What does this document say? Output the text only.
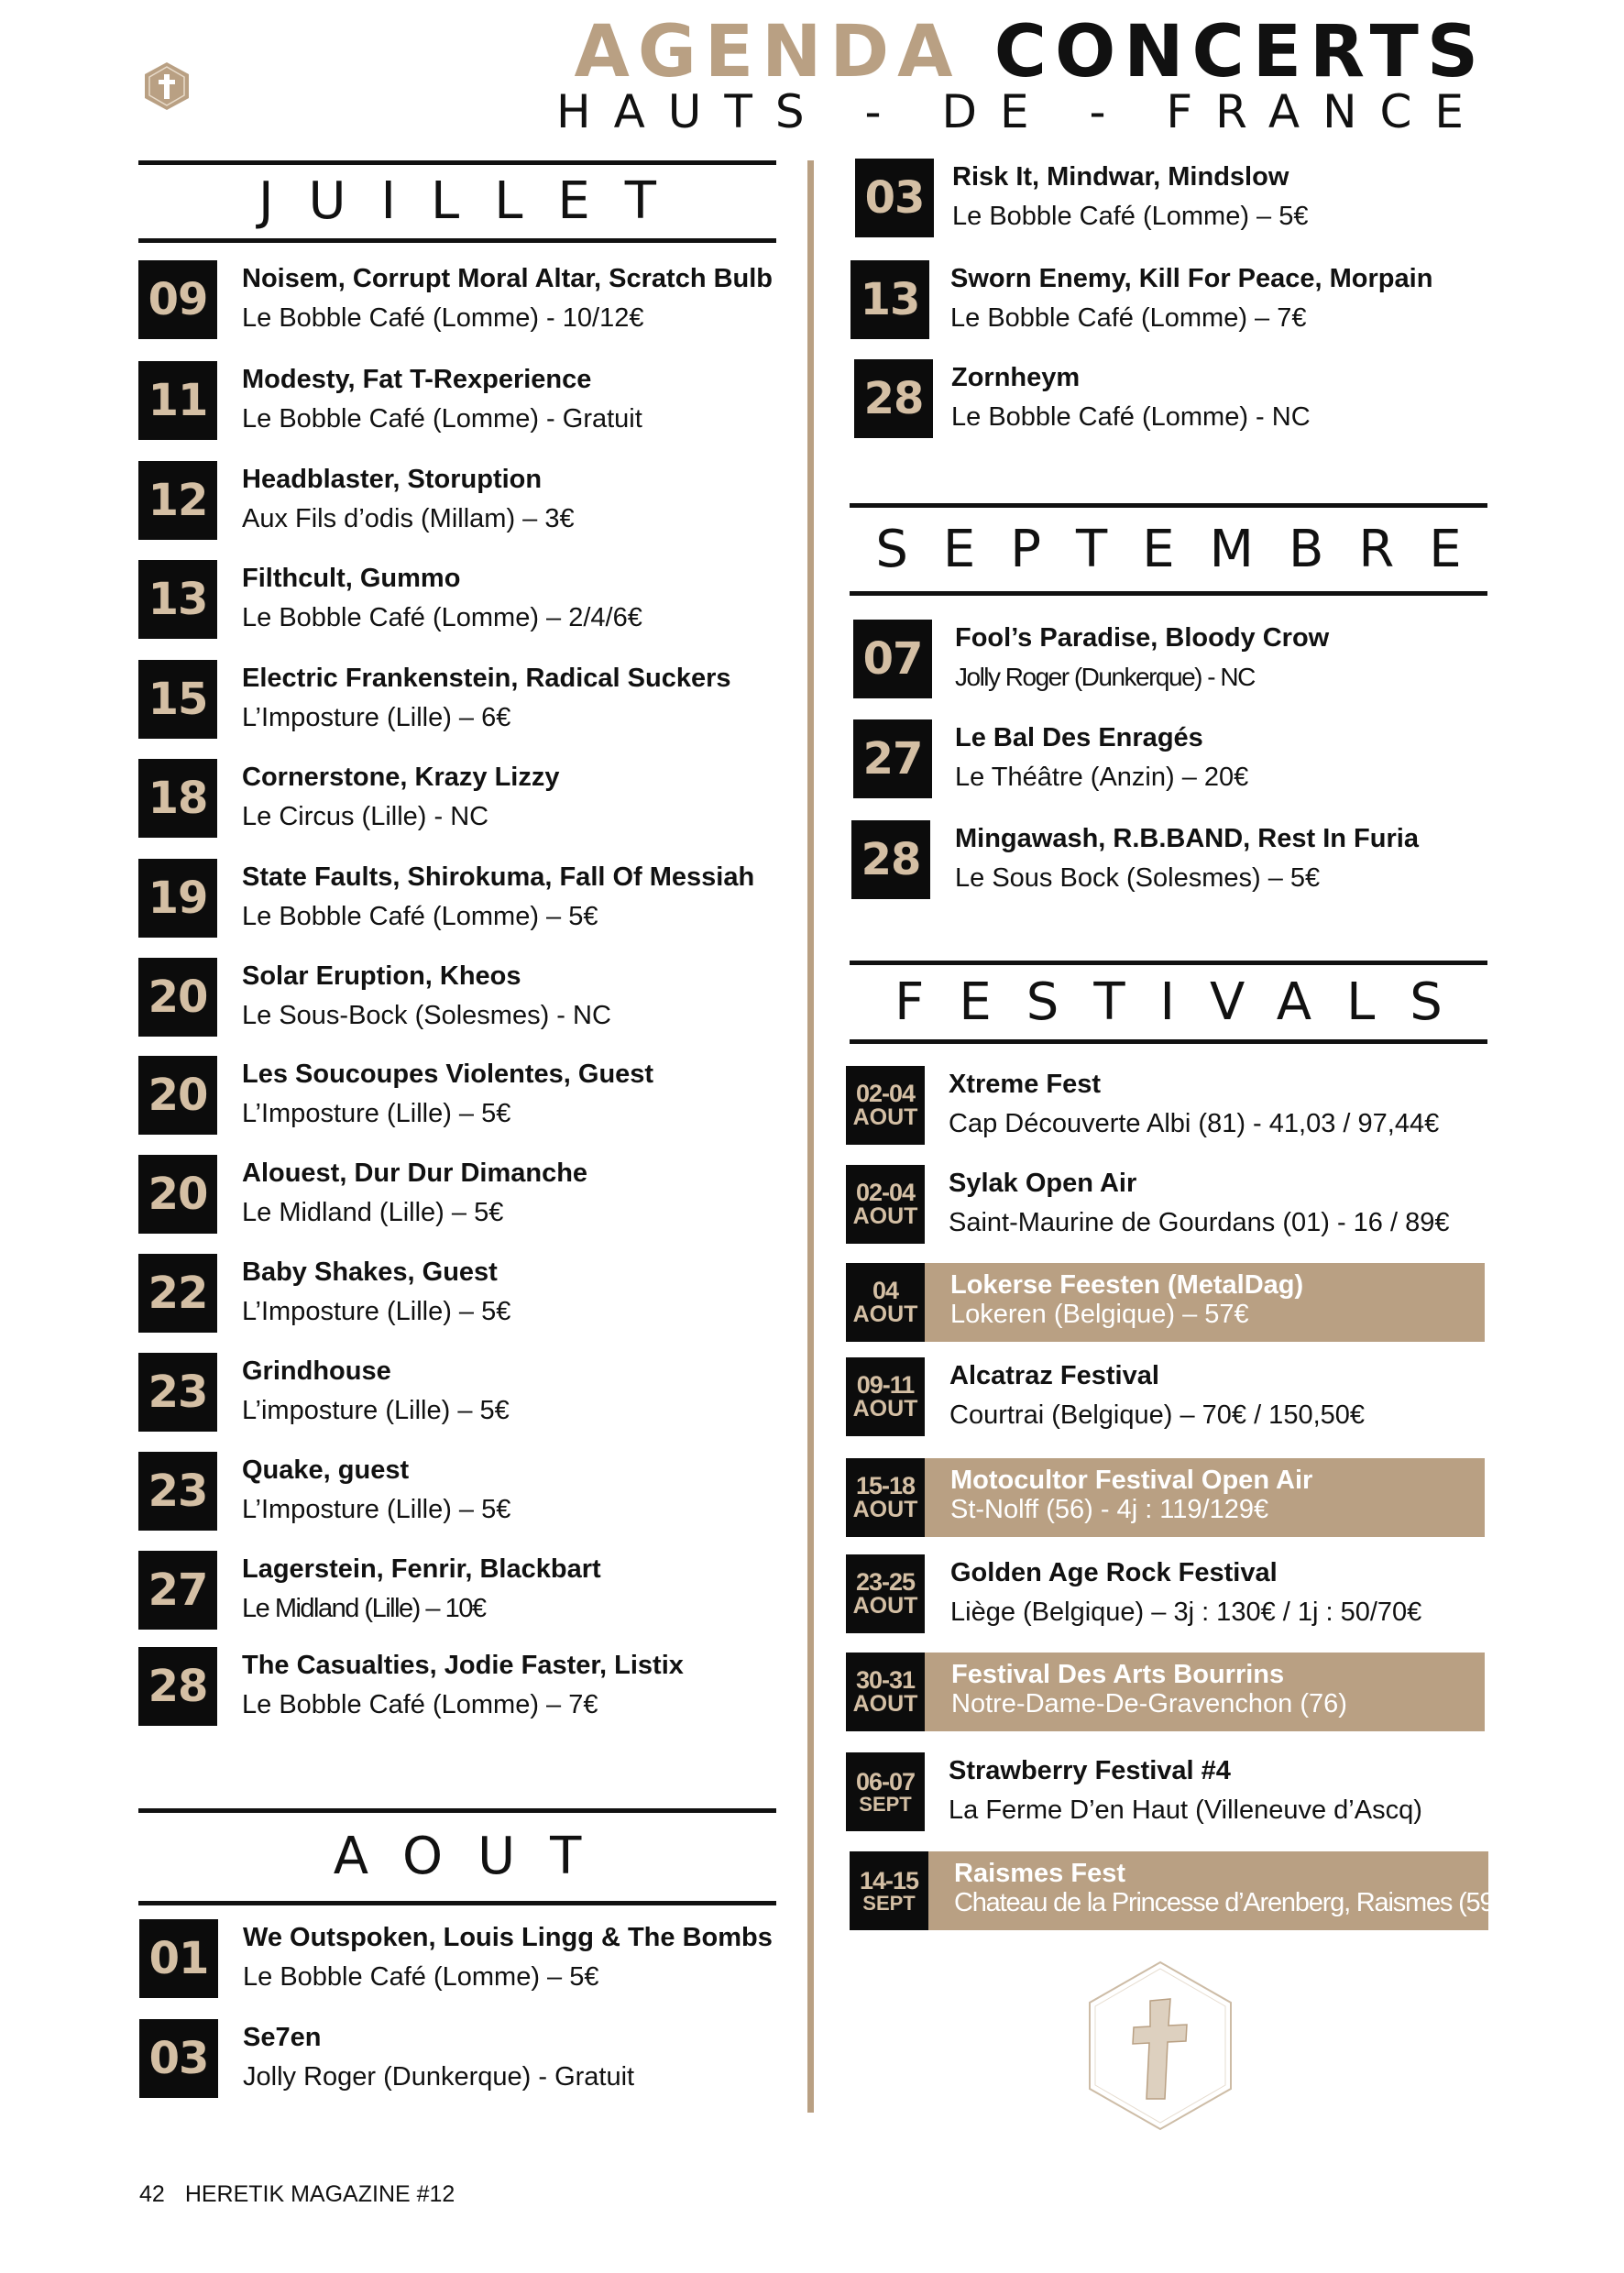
AGENDA CONCERTS
HAUTS - DE - FRANCE
JUILLET
09	Noisem, Corrupt Moral Altar, Scratch Bulb
Le Bobble Café (Lomme) - 10/12€
11	Modesty, Fat T-Rexperience
Le Bobble Café (Lomme) - Gratuit
12	Headblaster, Storuption
Aux Fils d’odis (Millam) – 3€
13	Filthcult, Gummo
Le Bobble Café (Lomme) – 2/4/6€
15	Electric Frankenstein, Radical Suckers
L’Imposture (Lille) – 6€
18	Cornerstone, Krazy Lizzy
Le Circus (Lille) - NC
19	State Faults, Shirokuma, Fall Of Messiah
Le Bobble Café (Lomme) – 5€
20	Solar Eruption, Kheos
Le Sous-Bock (Solesmes) - NC
20	Les Soucoupes Violentes, Guest
L’Imposture (Lille) – 5€
20	Alouest, Dur Dur Dimanche
Le Midland (Lille) – 5€
22	Baby Shakes, Guest
L’Imposture (Lille) – 5€
23	Grindhouse
L’imposture (Lille) – 5€
23	Quake, guest
L’Imposture (Lille) – 5€
27	Lagerstein, Fenrir, Blackbart
Le Midland (Lille) – 10€
28	The Casualties, Jodie Faster, Listix
Le Bobble Café (Lomme) – 7€
AOUT
01	We Outspoken, Louis Lingg & The Bombs
Le Bobble Café (Lomme) – 5€
03	Se7en
Jolly Roger (Dunkerque) - Gratuit
03	Risk It, Mindwar, Mindslow
Le Bobble Café (Lomme) – 5€
13	Sworn Enemy, Kill For Peace, Morpain
Le Bobble Café (Lomme) – 7€
28	Zornheym
Le Bobble Café (Lomme) - NC
SEPTEMBRE
07	Fool’s Paradise, Bloody Crow
Jolly Roger (Dunkerque) - NC
27	Le Bal Des Enragés
Le Théâtre (Anzin) – 20€
28	Mingawash, R.B.BAND, Rest In Furia
Le Sous Bock (Solesmes) – 5€
FESTIVALS
02-04
AOUT
Xtreme Fest
Cap Découverte Albi (81) - 41,03 / 97,44€
02-04
AOUT
Sylak Open Air
Saint-Maurine de Gourdans (01) - 16 / 89€
04
AOUT
Lokerse Feesten (MetalDag)
Lokeren (Belgique) – 57€
09-11
AOUT
Alcatraz Festival
Courtrai (Belgique) – 70€ / 150,50€
15-18
AOUT
Motocultor Festival Open Air
St-Nolff (56) - 4j : 119/129€
23-25
AOUT
Golden Age Rock Festival
Liège (Belgique) – 3j : 130€ / 1j : 50/70€
30-31
AOUT
Festival Des Arts Bourrins
Notre-Dame-De-Gravenchon (76)
06-07
SEPT
Strawberry Festival #4
La Ferme D’en Haut (Villeneuve d’Ascq)
14-15
SEPT
Raismes Fest
Chateau de la Princesse d’Arenberg, Raismes (59)
42 HERETIK MAGAZINE #12
